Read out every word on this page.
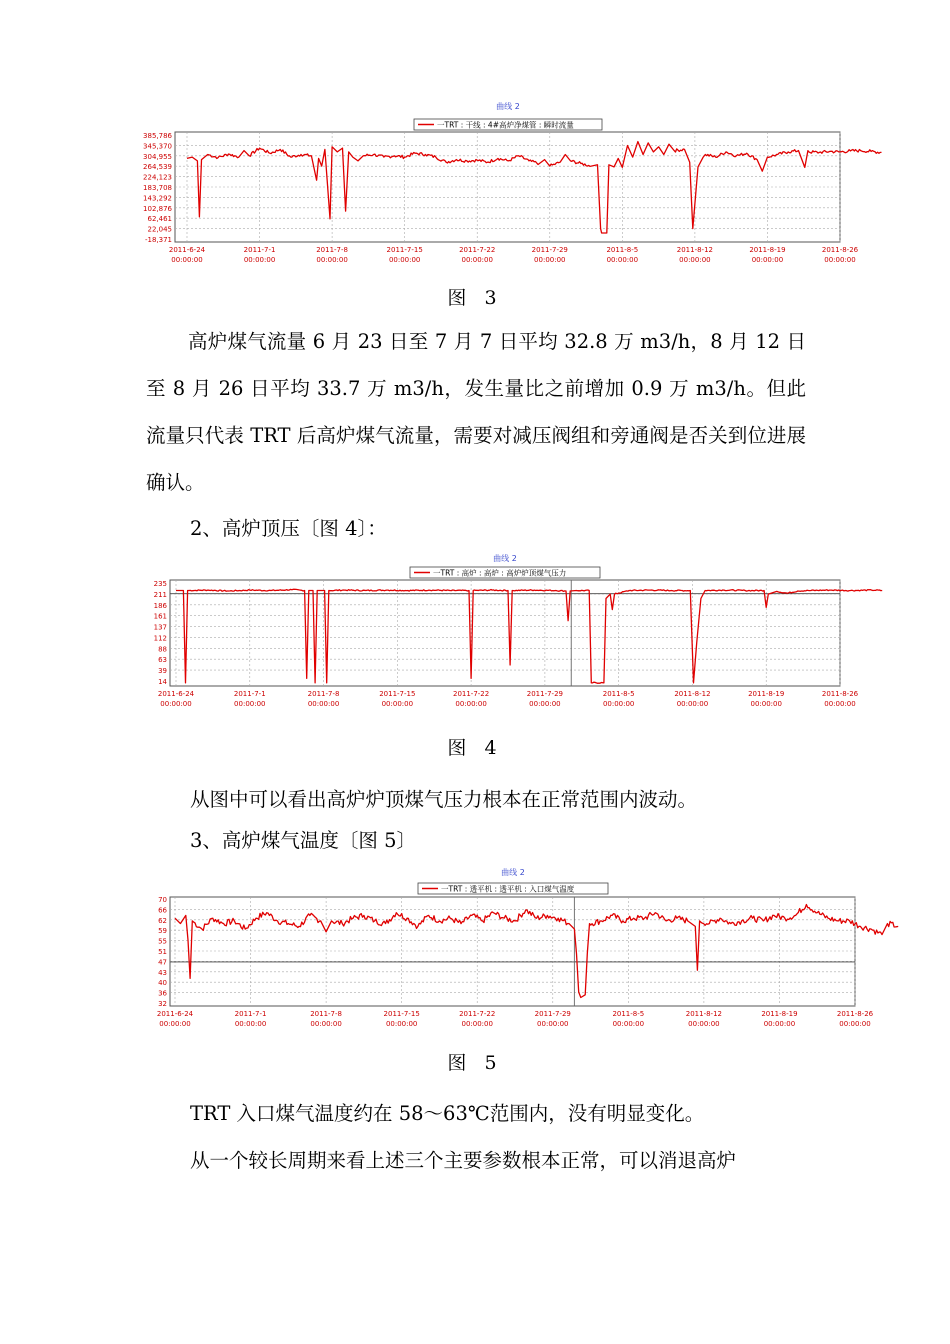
曲线 2
一TRT : 干线 : 4#高炉净煤管 : 瞬时流量
385,786
345,370
304,955
264,539
224,123
183,708
143,292
102,876
62,461
22,045
-18,371
2011-6-24
00:00:00
2011-7-1
00:00:00
2011-7-8
00:00:00
2011-7-15
00:00:00
2011-7-22
00:00:00
2011-7-29
00:00:00
2011-8-5
00:00:00
2011-8-12
00:00:00
2011-8-19
00:00:00
2011-8-26
00:00:00
图 3

高炉煤气流量 6 月 23 日至 7 月 7 日平均 32.8 万 m3/h，8 月 12 日至 8 月 26 日平均 33.7 万 m3/h，发生量比之前增加 0.9 万 m3/h。但此流量只代表 TRT 后高炉煤气流量，需要对减压阀组和旁通阀是否关到位进展确认。

2、高炉顶压〔图 4〕：
曲线 2
一TRT : 高炉 : 高炉 : 高炉炉顶煤气压力
235
211
186
161
137
112
88
63
39
14
2011-6-24
00:00:00
2011-7-1
00:00:00
2011-7-8
00:00:00
2011-7-15
00:00:00
2011-7-22
00:00:00
2011-7-29
00:00:00
2011-8-5
00:00:00
2011-8-12
00:00:00
2011-8-19
00:00:00
2011-8-26
00:00:00
图 4
从图中可以看出高炉炉顶煤气压力根本在正常范围内波动。
3、高炉煤气温度〔图 5〕
曲线 2
一TRT : 透平机 : 透平机 : 入口煤气温度
70
66
62
59
55
51
47
43
40
36
32
2011-6-24
00:00:00
2011-7-1
00:00:00
2011-7-8
00:00:00
2011-7-15
00:00:00
2011-7-22
00:00:00
2011-7-29
00:00:00
2011-8-5
00:00:00
2011-8-12
00:00:00
2011-8-19
00:00:00
2011-8-26
00:00:00
图 5
TRT 入口煤气温度约在 58～63℃范围内，没有明显变化。
从一个较长周期来看上述三个主要参数根本正常，可以消退高炉
